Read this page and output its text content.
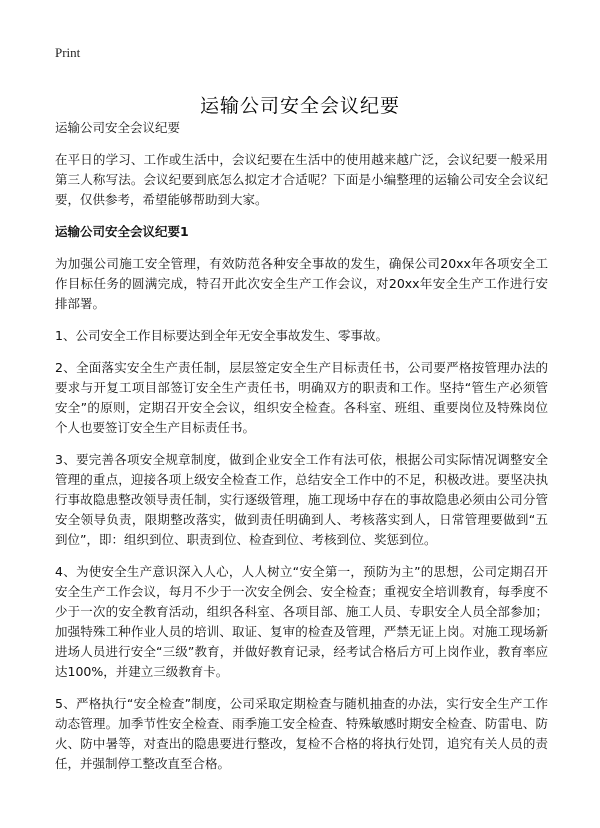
Print
运输公司安全会议纪要

运输公司安全会议纪要

在平日的学习、工作或生活中，会议纪要在生活中的使用越来越广泛，会议纪要一般采用第三人称写法。会议纪要到底怎么拟定才合适呢？下面是小编整理的运输公司安全会议纪要，仅供参考，希望能够帮助到大家。

运输公司安全会议纪要1

为加强公司施工安全管理，有效防范各种安全事故的发生，确保公司20xx年各项安全工作目标任务的圆满完成，特召开此次安全生产工作会议，对20xx年安全生产工作进行安排部署。

1、公司安全工作目标要达到全年无安全事故发生、零事故。

2、全面落实安全生产责任制，层层签定安全生产目标责任书，公司要严格按管理办法的要求与开复工项目部签订安全生产责任书，明确双方的职责和工作。坚持“管生产必须管安全”的原则，定期召开安全会议，组织安全检查。各科室、班组、重要岗位及特殊岗位个人也要签订安全生产目标责任书。

3、要完善各项安全规章制度，做到企业安全工作有法可依，根据公司实际情况调整安全管理的重点，迎接各项上级安全检查工作，总结安全工作中的不足，积极改进。要坚决执行事故隐患整改领导责任制，实行逐级管理，施工现场中存在的事故隐患必须由公司分管安全领导负责，限期整改落实，做到责任明确到人、考核落实到人，日常管理要做到“五到位”，即：组织到位、职责到位、检查到位、考核到位、奖惩到位。

4、为使安全生产意识深入人心，人人树立“安全第一，预防为主”的思想，公司定期召开安全生产工作会议，每月不少于一次安全例会、安全检查；重视安全培训教育，每季度不少于一次的安全教育活动，组织各科室、各项目部、施工人员、专职安全人员全部参加；加强特殊工种作业人员的培训、取证、复审的检查及管理，严禁无证上岗。对施工现场新进场人员进行安全“三级”教育，并做好教育记录，经考试合格后方可上岗作业，教育率应达100%，并建立三级教育卡。

5、严格执行“安全检查”制度，公司采取定期检查与随机抽查的办法，实行安全生产工作动态管理。加季节性安全检查、雨季施工安全检查、特殊敏感时期安全检查、防雷电、防火、防中暑等，对查出的隐患要进行整改，复检不合格的将执行处罚，追究有关人员的责任，并强制停工整改直至合格。
